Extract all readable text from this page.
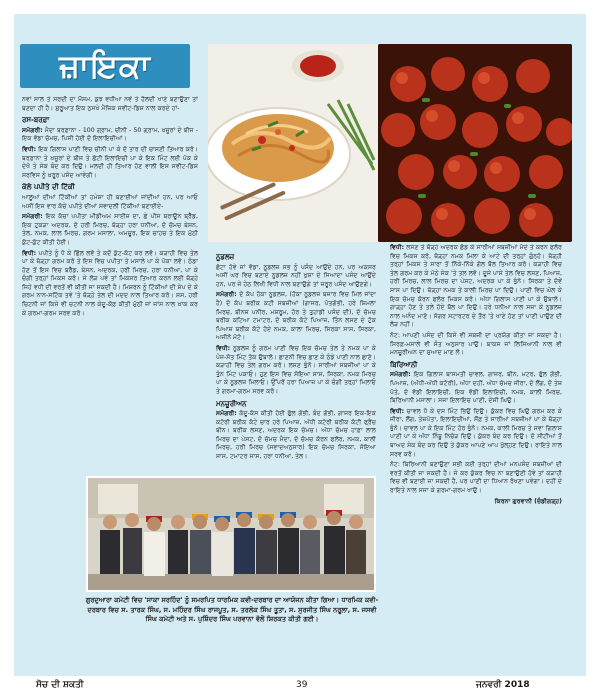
ਜ਼ਾਇਕਾ

ਨਵਾਂ ਸਾਲ ਤੇ ਸਰਦੀ ਦਾ ਮੌਸਮ, ਕੁਝ ਵਧੀਆ ਨਵੇਂ ਤੇ ਹੈਲਦੀ ਖਾਣੇ ਬਣਾਉਣਾ ਤਾਂ ਬਣਦਾ ਹੀ ਹੈ। ਸ਼ੁਰੂਆਤ ਇਕ ਨੁਸਖ਼ੇ ਮੈਂਜ਼ਿਕ ਸਵੀਟ-ਡਿਸ਼ ਨਾਲ ਕਰਦੇ ਹਾਂ-

ਰਸ-ਬਰਫ਼ਾ

ਸਮੱਗਰੀ: ਮੈਦਾ ਬਰਫ਼ਾਨਾ - 100 ਗ੍ਰਾਮ, ਚੀਨੀ - 50 ਗ੍ਰਾਮ, ਖ਼ਜੂਰਾਂ ਦੇ ਬੀਜ - ਇਕ ਵੱਡਾ ਚੱਮਚ, ਪਿਸੀ ਹੋਈ ਦੋ ਇਲਾਇਚੀਆਂ।

ਵਿਧੀ: ਇਕ ਗਿਲਾਸ ਪਾਣੀ ਵਿਚ ਚੀਨੀ ਪਾ ਕੇ ਦੋ ਤਾਰ ਦੀ ਚਾਸਣੀ ਤਿਆਰ ਕਰੋ। ਬਰਫ਼ਾਨਾ ਤੇ ਖ਼ਜੂਰਾਂ ਦੇ ਬੀਜ ਤੇ ਛੋਟੀ ਇਲਾਇਚੀ ਪਾ ਕੇ ਇਕ ਮਿੰਟ ਲਈ ਪੱਕ ਕੇ ਦੇਖੋ ਤੇ ਸੇਕ ਬੰਦ ਕਰ ਦਿਉ। ਮਲਦੀ ਹੀ ਤਿਆਰ ਹੋਣ ਵਾਲੀ ਇਸ ਸਵੀਟ-ਡਿਸ਼ ਸਰਵਿਸ ਨੂੰ ਖ਼ਰੂਰ ਪਸੰਦ ਆਵੇਗੀ।

ਕੇਲੇ ਪਪੀਤੇ ਦੀ ਟਿੱਕੀ

ਆਲੂਆਂ ਦੀਆਂ ਟਿੱਕੀਆਂ ਤਾਂ ਹਮੇਸ਼ਾ ਹੀ ਬਣਾਈਆਂ ਜਾਂਦੀਆਂ ਹਨ, ਪਰ ਆਓ ਅਸੀਂ ਇਸ ਵਾਰ ਕੱਚੇ ਪਪੀਤੇ ਦੀਆਂ ਸਵਾਦਲੀ ਟਿੱਕੀਆਂ ਬਣਾਈਏ-

ਸਮੱਗਰੀ: ਇਕ ਕੱਚਾ ਪਪੀਤਾ ਮੀਡੀਅਮ ਸਾਈਜ਼ ਦਾ, ਛੇ ਪੀਸ ਬਰਾਊਨ ਬ੍ਰੈੱਡ, ਇਕ ਟੁਕੜਾ ਅਦਰਕ, ਦੋ ਹਰੀ ਮਿਰਚ, ਥੋੜ੍ਹਾ ਹਰਾ ਧਨੀਆ, ਦੋ ਚੱਮਚ ਬੇਸਨ, ਤੇਲ, ਨਮਕ, ਲਾਲ ਮਿਰਚ, ਗਰਮ ਮਸਾਲਾ, ਅਮਚੂਰ, ਇਕ ਚਾਹਚ ਤੇ ਇਕ ਮੁੱਠੀ ਕੁੱਟ-ਕੁੱਟ ਕੀਤੀ ਹੋਈ।

ਵਿਧੀ: ਪਪੀਤੇ ਨੂੰ ਧੋ ਕੇ ਛਿੱਲ ਲਵੋ ਤੇ ਕਦੋਂ ਕੁੱਟ-ਕੱਟ ਕਰ ਲਵੋ। ਕੜਾਹੀ ਵਿਚ ਤੇਲ ਪਾ ਕੇ ਥੋੜ੍ਹਾ ਗਰਮ ਕਰੋ ਤੇ ਇਸ ਵਿਚ ਪਪੀਤਾ ਤੇ ਮਸਾਲੇ ਪਾ ਕੇ ਪੱਕਾ ਲਵੋ। ਠੰਡਾ ਹੋਣ ਤੋਂ ਇਸ ਵਿਚ ਬਰੈੱਡ, ਬੇਸਨ, ਅਦਰਕ, ਹਰੀ ਮਿਰਚ, ਹਰਾ ਧਨੀਆ, ਪਾ ਕੇ ਚੰਗੀ ਤਰ੍ਹਾਂ ਮਿਕਸ ਕਰੋ। ਜੇ ਲੋੜ ਪਵੇ ਤਾਂ ਮਿਕਸਰ ਤਿਆਰ ਕਰਨ ਲਈ ਥੋੜ੍ਹੇ ਜਿਹੇ ਵਧੀ ਦੀ ਵਰਤੋਂ ਵੀ ਕੀਤੀ ਜਾ ਸਕਦੀ ਹੈ। ਮਿਸ਼ਰਨ ਨੂੰ ਟਿੱਕੀਆਂ ਦੀ ਸ਼ੇਪ ਦੇ ਕੇ ਗਰਮ ਨਾਨ-ਸਟਿੱਕ ਤਵੇ 'ਤੇ ਥੋੜ੍ਹੇ ਤੇਲ ਦੀ ਮਦਦ ਨਾਲ ਤਿਆਰ ਕਰੋ। ਸਸ, ਹਰੀ ਚਿਟਨੀ ਜਾਂ ਕਿਸੇ ਵੀ ਚਟਨੀ ਨਾਲ ਕੇਦੂ-ਕੋਫ਼ ਕੀਤੀ ਮੁੱਠੀ ਜਾਂ ਜਾਂਸ ਨਾਲ ਖ਼ਾਕ ਕਰ ਕੇ ਗਰਮਾ-ਗਰਮ ਸਰਵ ਕਰੋ।

ਨੂਡਲਜ਼

ਛੋਟਾ ਹੋਵੇ ਜਾਂ ਵੱਡਾ, ਨੂਡਲਜ਼ ਸਭ ਨੂੰ ਪਸੰਦ ਆਉਂਦੇ ਹਨ, ਪਰ ਅਕਸਰ ਅਸੀਂ ਘਰ ਵਿਚ ਬਣਾਏ ਨੂਡਲਜ਼ ਨਹੀਂ ਖੁਸ਼ਾ ਦੇ ਜਿਆਦਾ ਪਸੰਦ ਆਉਂਦੇ ਹਨ, ਪਰ ਜੇ ਹੇਠ ਲਿਖੀ ਵਿਧੀ ਨਾਲ ਬਣਾਉਗੇ ਤਾਂ ਜ਼ਰੂਰ ਪਸੰਦ ਆਉਣਗੇ।

ਸਮੱਗਰੀ: ਦੋ ਕੱਪ ਹੋਕਾ ਨੂਡਲਜ਼, (ਹੱਕਾ ਨੂਡਲਜ਼ ਬਜ਼ਾਰ ਵਿਚ ਮਿਲ ਜਾਂਦਾ ਹੈ) ਦੋ ਕੱਪ ਬਰੀਕ ਕਟੀ ਸਬਜ਼ੀਆਂ (ਗਾਜਰ, ਪੱਤਗੋਭੀ, ਹਰੇ ਸ਼ਿਮਲਾ ਮਿਰਚ, ਬੀਨਜ਼ ਪਨੀਰ, ਮਸ਼ਰੂਮ, ਹੋਰ ਤੇ ਤੁਹਾਡੀ ਪਸੰਦ ਦੀ), ਦੋ ਚੱਮਚ ਬਰੀਕ ਕਟਿਆ ਟਮਾਟਰ, ਦੋ ਬਰੀਕ ਕੱਟੇ ਪਿਆਜ਼, ਤਿੰਨ ਲਸਣ ਦੇ ਟੁੱਕ ਪਿਆਜ਼ ਬਰੀਕ ਕੱਟੇ ਹੋਏ ਨਮਕ, ਕਾਲਾ ਮਿਰਚ, ਸਿਰਕਾ ਸਾਸ, ਸਿਰਕਾ, ਅਜੀਨੋ ਮੋਟੋ।

ਵਿਧੀ: ਨੂਡਲਜ਼ ਨੂੰ ਗਰਮ ਪਾਣੀ ਵਿਚ ਇਕ ਚੱਮਚ ਤੇਲ ਤੇ ਨਮਕ ਪਾ ਕੇ ਪੰਜ-ਸੱਤ ਮਿੰਟ ਤੱਕ ਉਬਾਲੋ। ਛਾਣਨੀ ਵਿਚ ਛਾਣ ਕੇ ਠੰਡੇ ਪਾਣੀ ਨਾਲ ਛਾਣੋ। ਕੜਾਹੀ ਵਿਚ ਤੇਲ ਗਰਮ ਕਰੋ। ਲਸਣ ਭੁੰਨੋ। ਸਾਰੀਆਂ ਸਬਜ਼ੀਆਂ ਪਾ ਕੇ ਤੁੰਨ ਮਿੰਟ ਪਕਾਓ। ਹੁਣ ਇਸ ਵਿਚ ਸੋਇਆ ਸਾਸ, ਸਿਰਕਾ, ਨਮਕ ਮਿਰਚ ਪਾ ਕੇ ਨੂਡਲਜ਼ ਮਿਲਾਓ। ਉੱਪਰੋਂ ਹਰਾ ਪਿਆਜ਼ ਪਾ ਕੇ ਚੰਗੀ ਤਰ੍ਹਾਂ ਮਿਲਾਓ ਤੇ ਗਰਮਾ-ਗਰਮ ਸਰਵ ਕਰੋ।

ਮਨਚੂਰੀਅਨ

ਸਮੱਗਰੀ: ਕੱਦੂ-ਕੱਸ ਕੀਤੀ ਹੋਈ ਫੁੱਲ ਗੋਭੀ, ਬੰਦ ਗੋਭੀ, ਗਾਜਰ ਇਕ-ਇਕ ਕਟੋਰੀ ਬਰੀਕ ਕੱਟੇ ਚਾਰ ਹਰੇ ਪਿਆਜ਼, ਅੱਧੀ ਕਟੋਰੀ ਬਰੀਕ ਕੱਟੀ ਫ੍ਰੈਂਚ ਬੀਨ। ਬਰੀਕ ਲਸਣ, ਅਦਰਕ ਇਕ ਚੱਮਚ। ਅੱਧਾ ਚੱਮਚ ਹਾਫ਼ਾ ਲਾਲ ਮਿਰਚ ਦਾ ਪੇਸਟ, ਦੋ ਚੱਮਚ ਮੈਦਾ, ਦੋ ਚੱਮਚ ਕੋਰਨ ਫਲੋਰ, ਨਮਕ, ਕਾਲੀ ਮਿਰਚ, ਹਰੀ ਮਿਰਚ (ਸਵਾਦਅਨੁਸਾਰ) ਇਕ ਚੱਮਚ ਸਿਰਕਾ, ਸੋਇਆ ਸਾਸ, ਟਮਾਟਰ ਸਾਸ, ਹਰਾ ਧਨੀਆ, ਤੇਲ।

ਵਿਧੀ: ਲਸਣ ਤੇ ਥੋੜ੍ਹੇ ਅਦਰਕ ਛੱਡ ਕੇ ਸਾਰੀਆਂ ਸਬਜ਼ੀਆਂ ਮੈਦੇ ਤੇ ਕਰਨ ਫਲੋਰ ਵਿਚ ਮਿਕਸ ਕਰੋ, ਥੋੜ੍ਹਾ ਨਮਕ ਮਿਲਾ ਕੇ ਆਟੇ ਦੀ ਤਰ੍ਹਾਂ ਗੁੰਨ੍ਹੋ। ਥੋੜ੍ਹੀ ਤਰ੍ਹਾਂ ਮਿਕਸ ਤੇ ਸਾਰਾ ਤੋਂ ਨਿੱਕੇ-ਨਿੱਕੇ ਗੋਲ ਬੌਲ ਤਿਆਰ ਕਰੋ। ਕੜਾਹੀ ਵਿਚ ਤੇਲ ਗਰਮ ਕਰ ਕੇ ਮੱਠੇ ਸੇਕ 'ਤੇ ਤਲ ਲਵੋ। ਦੂਜੇ ਪਾਸੇ ਤੇਲ ਵਿਚ ਲਸਣ, ਪਿਆਜ਼, ਹਰੀ ਮਿਰਚ, ਲਾਲ ਮਿਰਚ ਦਾ ਪੇਸਟ, ਅਦਰਕ ਪਾ ਕੇ ਭੁੰਨੋ। ਸਿਰਕਾ ਤੇ ਦੋਵੇਂ ਸਾਸ ਪਾ ਦਿਉ। ਥੋੜ੍ਹਾ ਨਮਕ ਤੇ ਕਾਲੀ ਮਿਰਚ ਪਾ ਦਿਉ। ਪਾਣੀ ਵਿਚ ਘੋਲ ਕੇ ਇਕ ਚੱਮਚ ਕੋਰਨ ਫਲੋਰ ਮਿਕਸ ਕਰੋ। ਅੱਧਾ ਗਿਲਾਸ ਪਾਣੀ ਪਾ ਕੇ ਉਬਾਲੋ। ਗਾੜ੍ਹਾ ਹੋਣ ਤੇ ਤਲੇ ਹੋਏ ਬੌਲ ਪਾ ਦਿਉ। ਹਰੇ ਧਨੀਆ ਨਾਲ ਸਜਾ ਕੇ ਨੂਡਲਜ਼ ਨਾਲ ਅਨੰਦ ਮਾਣੋ। ਸੋਗਰ ਸਟਾਰਟਰ ਦੇ ਤੌਰ 'ਤੇ ਖਾਣੇ ਹੋਣ ਤਾਂ ਪਾਣੀ ਪਾਉਣ ਦੀ ਲੋੜ ਨਹੀਂ।

ਨੋਟ: ਆਪਣੀ ਪਸੰਦ ਦੀ ਕਿਸੇ ਵੀ ਸਬਜ਼ੀ ਦਾ ਪ੍ਰਯੋਗ ਕੀਤਾ ਜਾ ਸਕਦਾ ਹੈ। ਸਿਰਫ਼-ਮਸਾਲੇ ਵੀ ਸੰਤ ਅਨੁਸਾਰ ਪਾਉ। ਬਾਕਸ ਜਾਂ ਲਿਸਿਆਨੀ ਨਾਲ ਵੀ ਮਨਚੂਰੀਅਨ ਦਾ ਸੁਆਦ ਮਾਣ ਲੋ।

ਬਿਰਿਆਨੀ

ਸਮੱਗਰੀ: ਇਕ ਗਿਲਾਸ ਬਾਸਮਤੀ ਚਾਵਲ, ਗਾਜਰ, ਬੀਨ, ਮਟਰ, ਫੁੱਲ ਗੋਭੀ, ਪਿਆਜ਼, (ਅੱਧੀ-ਅੱਧੀ ਕਟੋਰੀ), ਅੱਧਾ ਦਹੀਂ, ਅੱਧਾ ਚੱਮਚ ਜੀਰਾ, ਦੋ ਲੌਂਗ, ਦੋ ਤੇਜ਼ ਪੱਤੇ, ਦੋ ਵੱਡੀ ਇਲਾਇਚੀ, ਇਕ ਵੱਡੀ ਇਲਾਇਚੀ, ਨਮਕ, ਕਾਲੀ ਮਿਰਚ, ਬਿਰਿਆਨੀ ਮਸਾਲਾ। ਸਜਾ ਇਲਾਇਚ ਪਾਣੀ, ਦੇਸੀ ਘਿਉ।

ਵਿਧੀ: ਚਾਵਲ ਧੋ ਕੇ ਦਸ ਮਿੰਟ ਭਿਉਂ ਦਿਉ। ਕੁੱਕਰ ਵਿਚ ਘਿਉ ਗਰਮ ਕਰ ਕੇ ਜੀਰਾ, ਲੌਂਗ, ਤੇਜ਼ਪੱਤਾ, ਇਲਾਇਚੀਆਂ, ਸੌਂਫ਼ ਤੇ ਸਾਰੀਆਂ ਸਬਜ਼ੀਆਂ ਪਾ ਕੇ ਥੋੜ੍ਹਾ ਭੁੰਨੋ। ਚਾਵਲ ਪਾ ਕੇ ਇਕ ਮਿੰਟ ਹੋਰ ਭੁੰਨੋ। ਨਮਕ, ਕਾਲੀ ਮਿਰਚ ਤੇ ਸਵਾ ਗਿਲਾਸ ਪਾਣੀ ਪਾ ਕੇ ਅੱਧਾ ਨਿੰਬੂ ਨਿਚੋੜ ਦਿਉ। ਕੁੱਕਰ ਬੰਦ ਕਰ ਦਿਉ। ਦੋ ਸੀਟੀਆਂ ਤੋਂ ਬਾਅਦ ਸੇਕ ਬੰਦ ਕਰ ਦਿਉ ਤੇ ਕੁੱਕਰ ਆਪਣੇ ਆਪ ਖੁੱਲ੍ਹਣ ਦਿਉ। ਰਾਇਤੇ ਨਾਲ ਸਰਵ ਕਰੋ।

ਨੋਟ: ਬਿਰਿਆਨੀ ਬਣਾਉਣਾ ਸਭੀ ਕਈ ਤਰ੍ਹਾਂ ਦੀਆਂ ਮਨਪਸੰਦ ਸਬਜ਼ੀਆਂ ਦੀ ਵਰਤੋਂ ਕੀਤੀ ਜਾ ਸਕਦੀ ਹੈ। ਜੇ ਕਰ ਕੁੱਕਰ ਵਿਚ ਨਾ ਬਣਾਉਣੀ ਹੋਵੇ ਤਾਂ ਕੜਾਹੀ ਵਿਚ ਵੀ ਬਣਾਈ ਜਾ ਸਕਦੀ ਹੈ, ਪਰ ਪਾਣੀ ਦਾ ਧਿਆਨ ਰੱਖਣਾ ਪਵੇਗਾ। ਦਹੀਂ ਦੇ ਰਾਇਤੇ ਨਾਲ ਸਜਾ ਕੇ ਗਰਮਾ-ਗਰਮ ਖਾਉ।

ਕਿਰਨਾ ਗੁਰਵਾਨੀ (ਚੰਡੀਗੜ੍ਹ)

ਗੁਰਦੁਆਰਾ ਕਮੇਟੀ ਵਿਚ 'ਸਾਕਾ ਸਰਹਿੰਦ' ਨੂੰ ਸਮਰਪਿਤ ਧਾਰਮਿਕ ਕਵੀ-ਦਰਬਾਰ ਦਾ ਆਯੋਜਨ ਕੀਤਾ ਗਿਆ। ਧਾਰਮਿਕ ਕਵੀ-ਦਰਬਾਰ ਵਿਚ ਸ. ਤਾਰਕ ਸਿੰਘ, ਸ. ਮਹਿੰਦਰ ਸਿੰਘ ਰਾਜਪੂਤ, ਸ. ਤਰਲੋਕ ਸਿੰਘ ਤੂਤਾ, ਸ. ਸੁਰਜੀਤ ਸਿੰਘ ਨਰੂਲਾ, ਸ. ਜਸਵੀ ਸਿੰਘ ਕਮੇਟੀ ਅਤੇ ਸ. ਪੁਸ਼ਿੰਦਰ ਸਿੰਘ ਪਰਵਾਨਾ ਵੱਲੋਂ ਸ਼ਿਰਕਤ ਕੀਤੀ ਗਈ।
ਸੋਚ ਦੀ ਸ਼ਕਤੀ	39	ਜਨਵਰੀ 2018
